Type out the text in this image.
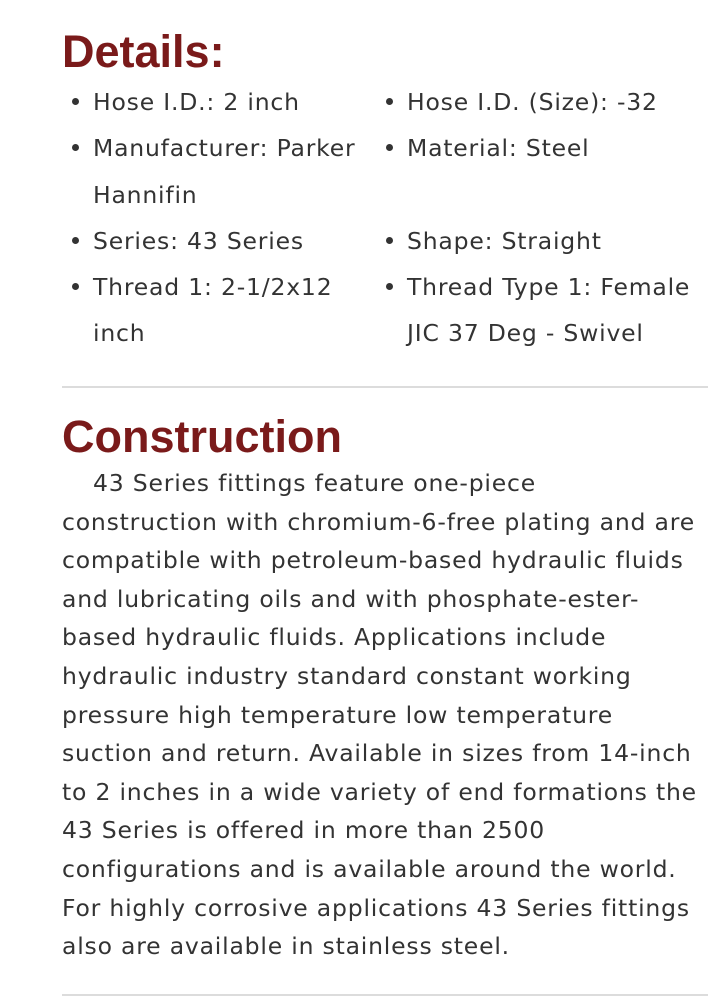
Details:
Hose I.D.: 2 inch	Hose I.D. (Size): -32
Manufacturer: Parker
Hannifin
Material: Steel
Series: 43 Series	Shape: Straight
Thread 1: 2-1/2x12
inch
Thread Type 1: Female
JIC 37 Deg - Swivel
Construction
43 Series fittings feature one-piece
construction with chromium-6-free plating and are
compatible with petroleum-based hydraulic fluids
and lubricating oils and with phosphate-ester-
based hydraulic fluids. Applications include
hydraulic industry standard constant working
pressure high temperature low temperature
suction and return. Available in sizes from 14-inch
to 2 inches in a wide variety of end formations the
43 Series is offered in more than 2500
configurations and is available around the world.
For highly corrosive applications 43 Series fittings
also are available in stainless steel.
